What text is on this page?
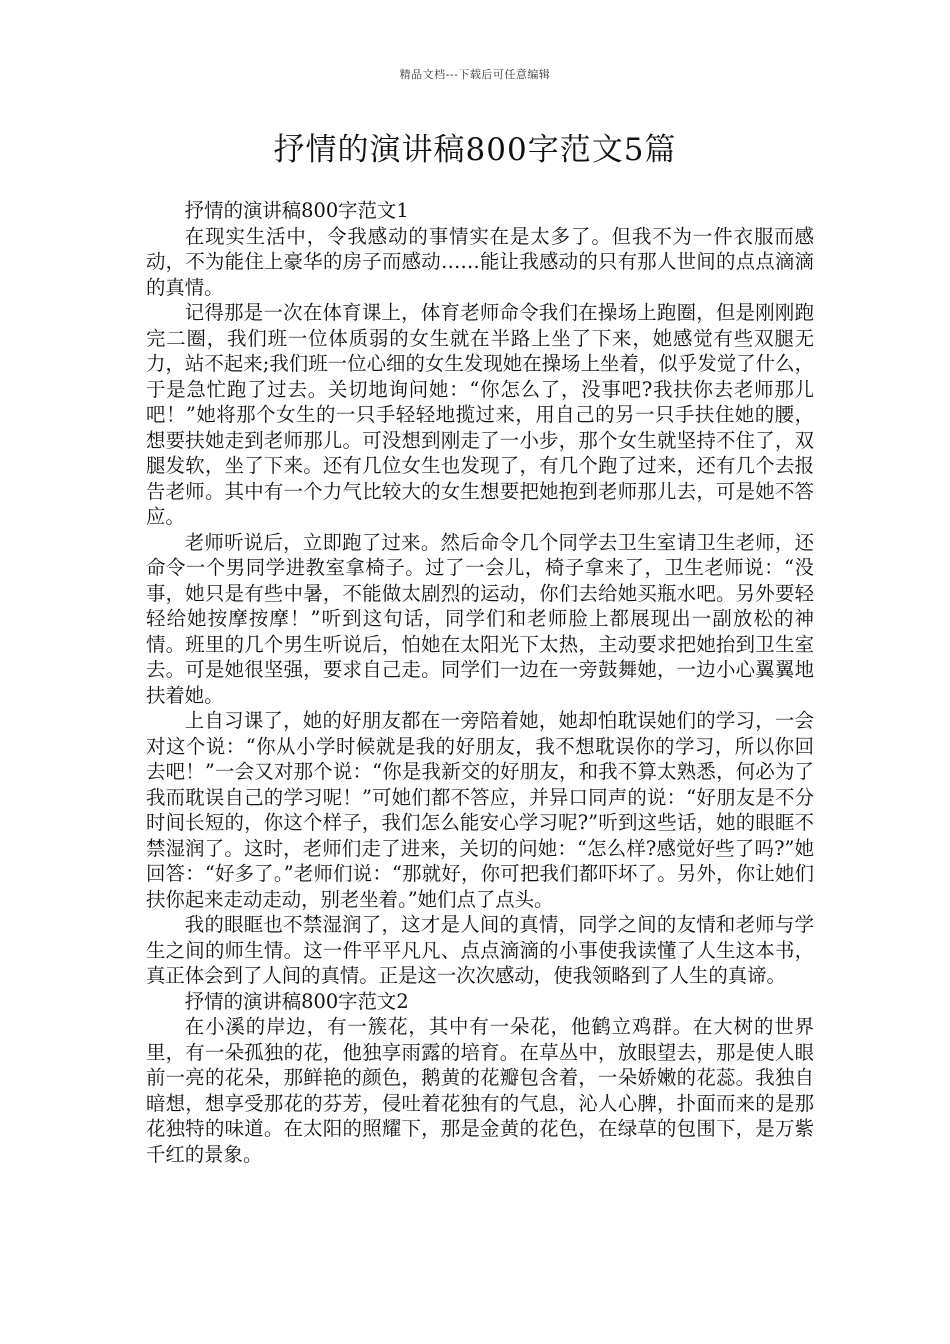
精品文档---下载后可任意编辑
抒情的演讲稿800字范文5篇

抒情的演讲稿800字范文1

在现实生活中，令我感动的事情实在是太多了。但我不为一件衣服而感动，不为能住上豪华的房子而感动……能让我感动的只有那人世间的点点滴滴的真情。

记得那是一次在体育课上，体育老师命令我们在操场上跑圈，但是刚刚跑完二圈，我们班一位体质弱的女生就在半路上坐了下来，她感觉有些双腿无力，站不起来;我们班一位心细的女生发现她在操场上坐着，似乎发觉了什么，于是急忙跑了过去。关切地询问她：“你怎么了，没事吧?我扶你去老师那儿吧！”她将那个女生的一只手轻轻地揽过来，用自己的另一只手扶住她的腰，想要扶她走到老师那儿。可没想到刚走了一小步，那个女生就坚持不住了，双腿发软，坐了下来。还有几位女生也发现了，有几个跑了过来，还有几个去报告老师。其中有一个力气比较大的女生想要把她抱到老师那儿去，可是她不答应。

老师听说后，立即跑了过来。然后命令几个同学去卫生室请卫生老师，还命令一个男同学进教室拿椅子。过了一会儿，椅子拿来了，卫生老师说：“没事，她只是有些中暑，不能做太剧烈的运动，你们去给她买瓶水吧。另外要轻轻给她按摩按摩！”听到这句话，同学们和老师脸上都展现出一副放松的神情。班里的几个男生听说后，怕她在太阳光下太热，主动要求把她抬到卫生室去。可是她很坚强，要求自己走。同学们一边在一旁鼓舞她，一边小心翼翼地扶着她。

上自习课了，她的好朋友都在一旁陪着她，她却怕耽误她们的学习，一会对这个说：“你从小学时候就是我的好朋友，我不想耽误你的学习，所以你回去吧！”一会又对那个说：“你是我新交的好朋友，和我不算太熟悉，何必为了我而耽误自己的学习呢！”可她们都不答应，并异口同声的说：“好朋友是不分时间长短的，你这个样子，我们怎么能安心学习呢?”听到这些话，她的眼眶不禁湿润了。这时，老师们走了进来，关切的问她：“怎么样?感觉好些了吗?”她回答：“好多了。”老师们说：“那就好，你可把我们都吓坏了。另外，你让她们扶你起来走动走动，别老坐着。”她们点了点头。

我的眼眶也不禁湿润了，这才是人间的真情，同学之间的友情和老师与学生之间的师生情。这一件平平凡凡、点点滴滴的小事使我读懂了人生这本书，真正体会到了人间的真情。正是这一次次感动，使我领略到了人生的真谛。

抒情的演讲稿800字范文2

在小溪的岸边，有一簇花，其中有一朵花，他鹤立鸡群。在大树的世界里，有一朵孤独的花，他独享雨露的培育。在草丛中，放眼望去，那是使人眼前一亮的花朵，那鲜艳的颜色，鹅黄的花瓣包含着，一朵娇嫩的花蕊。我独自暗想，想享受那花的芬芳，侵吐着花独有的气息，沁人心脾，扑面而来的是那花独特的味道。在太阳的照耀下，那是金黄的花色，在绿草的包围下，是万紫千红的景象。
